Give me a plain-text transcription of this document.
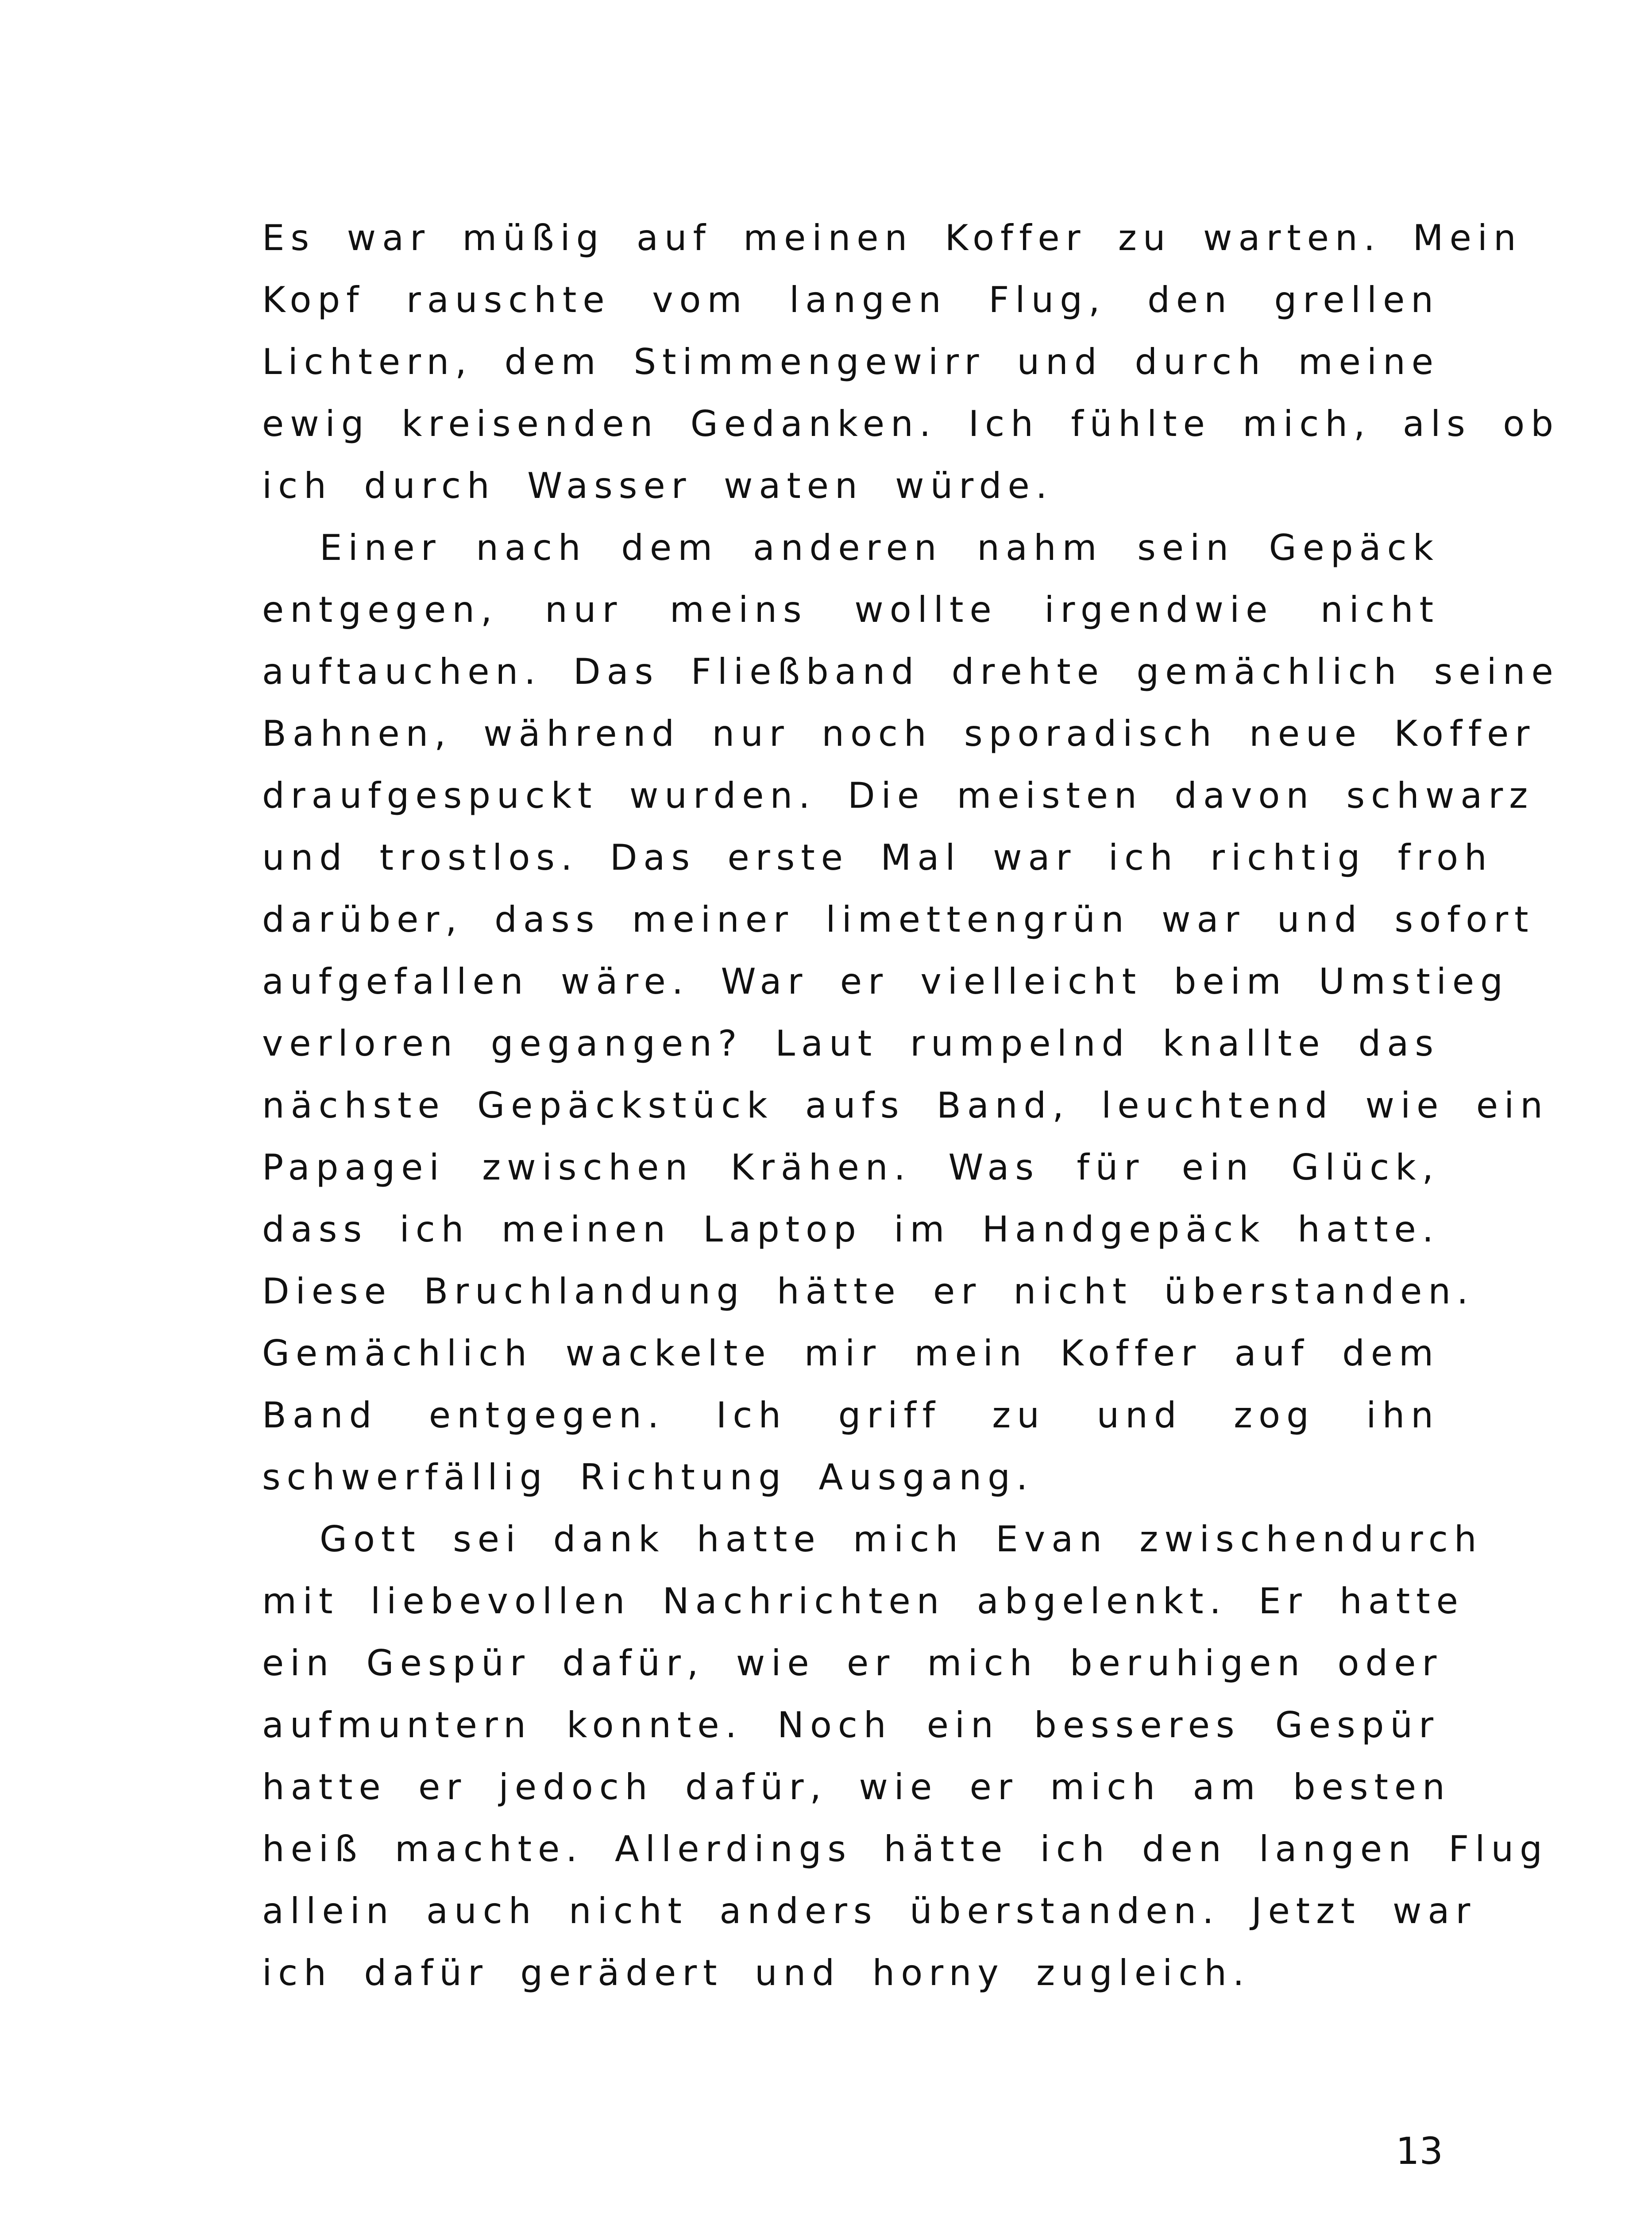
Es war müßig auf meinen Koffer zu warten. Mein
Kopf rauschte vom langen Flug, den grellen
Lichtern, dem Stimmengewirr und durch meine
ewig kreisenden Gedanken. Ich fühlte mich, als ob
ich durch Wasser waten würde.
Einer nach dem anderen nahm sein Gepäck
entgegen, nur meins wollte irgendwie nicht
auftauchen. Das Fließband drehte gemächlich seine
Bahnen, während nur noch sporadisch neue Koffer
draufgespuckt wurden. Die meisten davon schwarz
und trostlos. Das erste Mal war ich richtig froh
darüber, dass meiner limettengrün war und sofort
aufgefallen wäre. War er vielleicht beim Umstieg
verloren gegangen? Laut rumpelnd knallte das
nächste Gepäckstück aufs Band, leuchtend wie ein
Papagei zwischen Krähen. Was für ein Glück,
dass ich meinen Laptop im Handgepäck hatte.
Diese Bruchlandung hätte er nicht überstanden.
Gemächlich wackelte mir mein Koffer auf dem
Band entgegen. Ich griff zu und zog ihn
schwerfällig Richtung Ausgang.
Gott sei dank hatte mich Evan zwischendurch
mit liebevollen Nachrichten abgelenkt. Er hatte
ein Gespür dafür, wie er mich beruhigen oder
aufmuntern konnte. Noch ein besseres Gespür
hatte er jedoch dafür, wie er mich am besten
heiß machte. Allerdings hätte ich den langen Flug
allein auch nicht anders überstanden. Jetzt war
ich dafür gerädert und horny zugleich.
13
